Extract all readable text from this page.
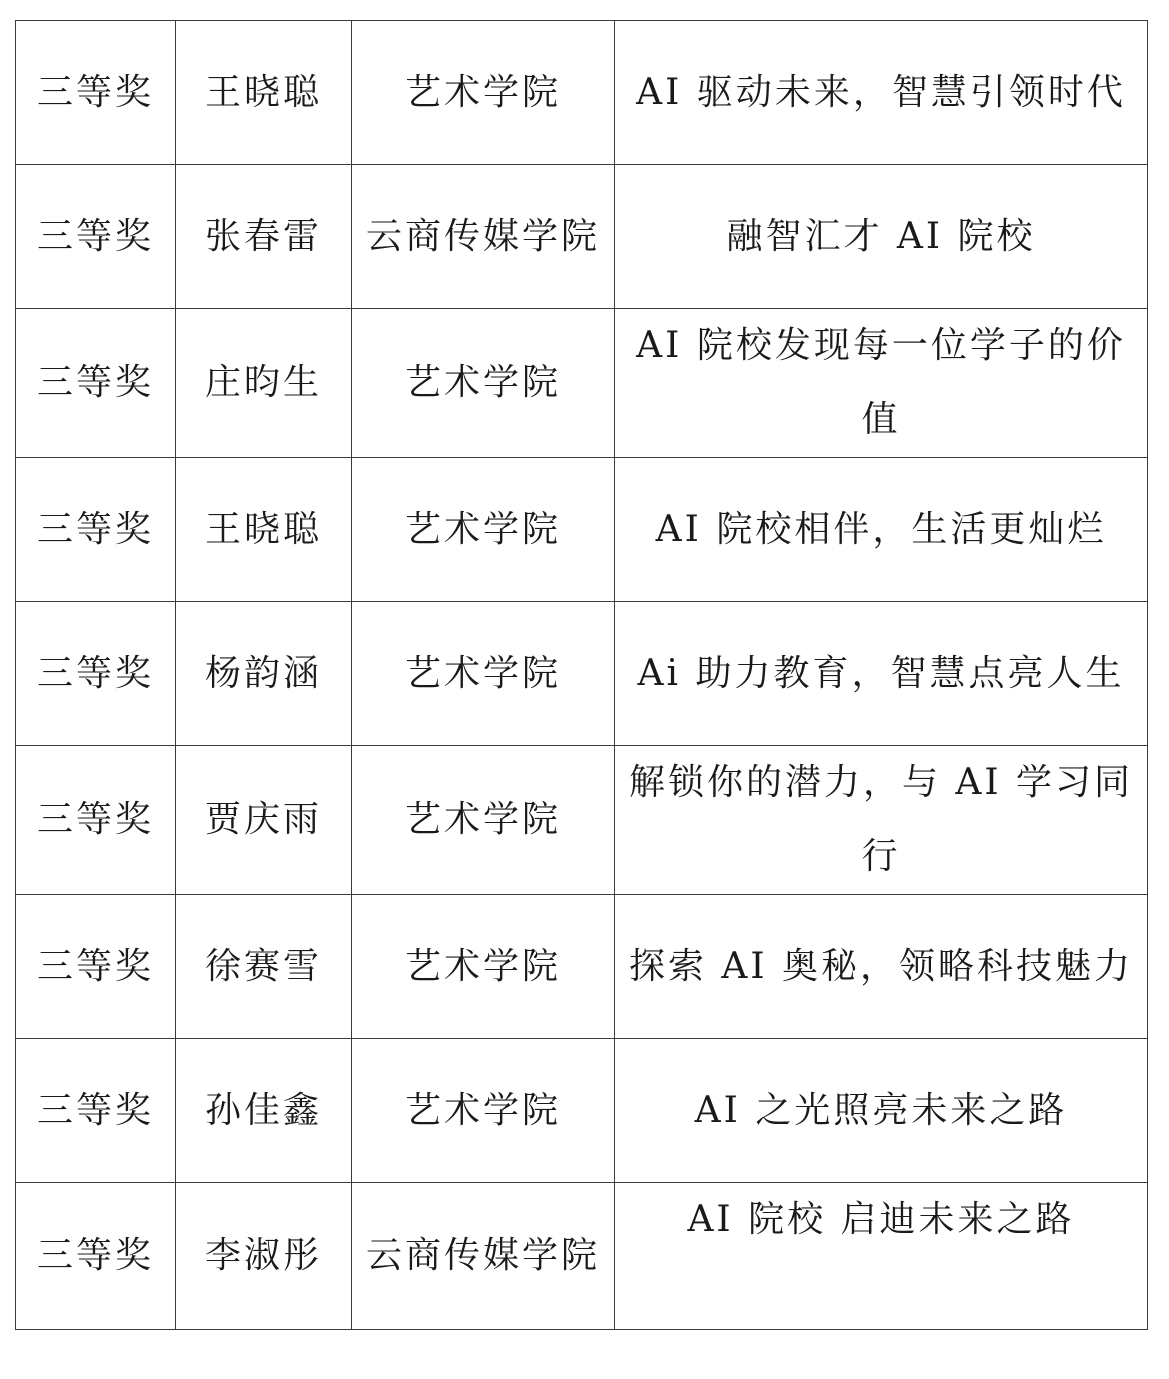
三等奖	王晓聪	艺术学院	AI 驱动未来，智慧引领时代
三等奖	张春雷	云商传媒学院	融智汇才 AI 院校
三等奖	庄昀生	艺术学院	AI 院校发现每一位学子的价值
三等奖	王晓聪	艺术学院	AI 院校相伴，生活更灿烂
三等奖	杨韵涵	艺术学院	Ai 助力教育，智慧点亮人生
三等奖	贾庆雨	艺术学院	解锁你的潜力，与 AI 学习同行
三等奖	徐赛雪	艺术学院	探索 AI 奥秘，领略科技魅力
三等奖	孙佳鑫	艺术学院	AI 之光照亮未来之路
三等奖	李淑彤	云商传媒学院	AI 院校 启迪未来之路
